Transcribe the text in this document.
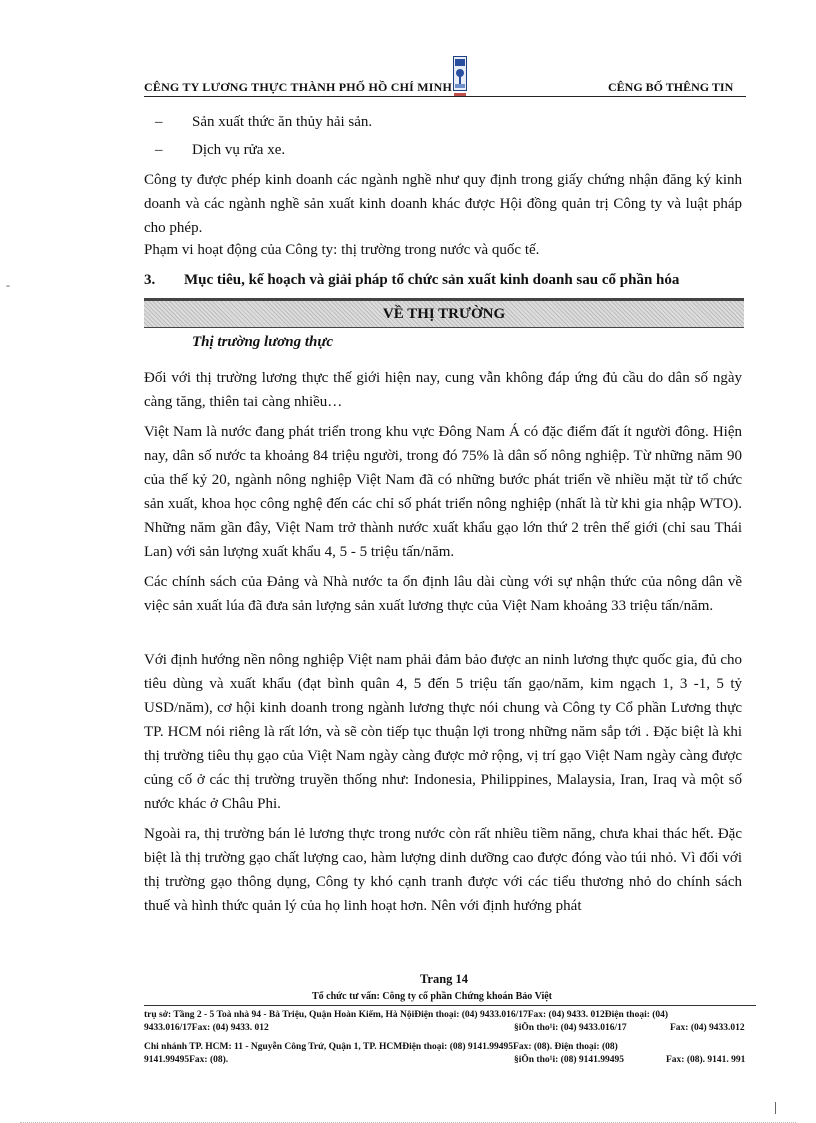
CÊNG TY LƯƠNG THỰC THÀNH PHỐ HỒ CHÍ MINH	CÊNG BỐ THÊNG TIN
– Sản xuất thức ăn thủy hải sản.
– Dịch vụ rửa xe.
Công ty được phép kinh doanh các ngành nghề như quy định trong giấy chứng nhận đăng ký kinh doanh và các ngành nghề sản xuất kinh doanh khác được Hội đồng quản trị Công ty và luật pháp cho phép.
Phạm vi hoạt động của Công ty: thị trường trong nước và quốc tế.
-	3. Mục tiêu, kế hoạch và giải pháp tổ chức sản xuất kinh doanh sau cổ phần hóa
VỀ THỊ TRƯỜNG
Thị trường lương thực
Đối với thị trường lương thực thế giới hiện nay, cung vẫn không đáp ứng đủ cầu do dân số ngày càng tăng, thiên tai càng nhiều…
Việt Nam là nước đang phát triển trong khu vực Đông Nam Á có đặc điểm đất ít người đông. Hiện nay, dân số nước ta khoảng 84 triệu người, trong đó 75% là dân số nông nghiệp. Từ những năm 90 của thế kỷ 20, ngành nông nghiệp Việt Nam đã có những bước phát triển về nhiều mặt từ tổ chức sản xuất, khoa học công nghệ đến các chỉ số phát triển nông nghiệp (nhất là từ khi gia nhập WTO). Những năm gần đây, Việt Nam trở thành nước xuất khẩu gạo lớn thứ 2 trên thế giới (chỉ sau Thái Lan) với sản lượng xuất khẩu 4, 5 - 5 triệu tấn/năm.
Các chính sách của Đảng và Nhà nước ta ổn định lâu dài cùng với sự nhận thức của nông dân về việc sản xuất lúa đã đưa sản lượng sản xuất lương thực của Việt Nam khoảng 33 triệu tấn/năm.
Với định hướng nền nông nghiệp Việt nam phải đảm bảo được an ninh lương thực quốc gia, đủ cho tiêu dùng và xuất khẩu (đạt bình quân 4, 5 đến 5 triệu tấn gạo/năm, kim ngạch 1, 3 -1, 5 tỷ USD/năm), cơ hội kinh doanh trong ngành lương thực nói chung và Công ty Cổ phần Lương thực TP. HCM nói riêng là rất lớn, và sẽ còn tiếp tục thuận lợi trong những năm sắp tới . Đặc biệt là khi thị trường tiêu thụ gạo của Việt Nam ngày càng được mở rộng, vị trí gạo Việt Nam ngày càng được củng cố ở các thị trường truyền thống như: Indonesia, Philippines, Malaysia, Iran, Iraq và một số nước khác ở Châu Phi.
Ngoài ra, thị trường bán lẻ lương thực trong nước còn rất nhiều tiềm năng, chưa khai thác hết. Đặc biệt là thị trường gạo chất lượng cao, hàm lượng dinh dưỡng cao được đóng vào túi nhỏ. Vì đối với thị trường gạo thông dụng, Công ty khó cạnh tranh được với các tiểu thương nhỏ do chính sách thuế và hình thức quản lý của họ linh hoạt hơn. Nên với định hướng phát
Trang 14
Tổ chức tư vấn: Công ty cổ phần Chứng khoán Bảo Việt
trụ sở: Tầng 2 - 5 Toà nhà 94 - Bà Triệu, Quận Hoàn Kiếm, Hà NộiĐiện thoại: (04) 9433.016/17Fax: (04) 9433. 012Điện thoại: (04)
9433.016/17Fax: (04) 9433. 012	§iÖn tho¹i: (04) 9433.016/17	Fax: (04) 9433.012
Chi nhánh TP. HCM: 11 - Nguyễn Công Trứ, Quận 1, TP. HCMĐiện thoại: (08) 9141.99495Fax: (08). Điện thoại: (08)
9141.99495Fax: (08).	§iÖn tho¹i: (08) 9141.99495	Fax: (08). 9141. 991
